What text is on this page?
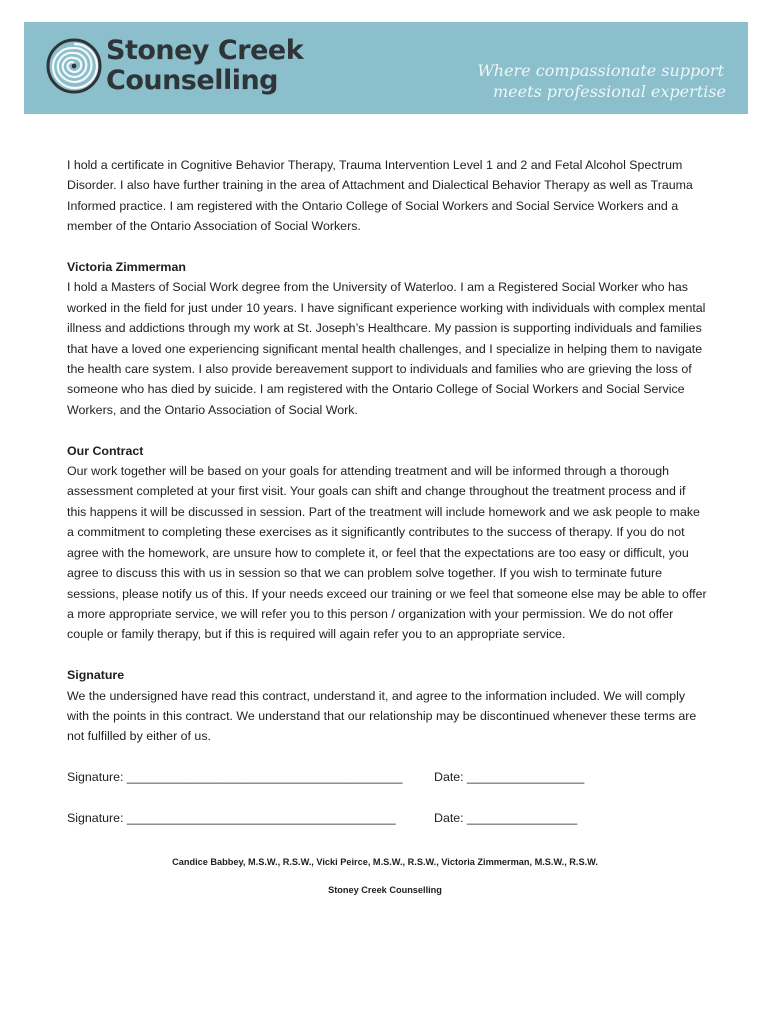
Stoney Creek
Counselling	Where compassionate support
meets professional expertise

I hold a certificate in Cognitive Behavior Therapy, Trauma Intervention Level 1 and 2 and Fetal Alcohol Spectrum Disorder. I also have further training in the area of Attachment and Dialectical Behavior Therapy as well as Trauma Informed practice. I am registered with the Ontario College of Social Workers and Social Service Workers and a member of the Ontario Association of Social Workers.

Victoria Zimmerman
I hold a Masters of Social Work degree from the University of Waterloo. I am a Registered Social Worker who has worked in the field for just under 10 years. I have significant experience working with individuals with complex mental illness and addictions through my work at St. Joseph’s Healthcare. My passion is supporting individuals and families that have a loved one experiencing significant mental health challenges, and I specialize in helping them to navigate the health care system. I also provide bereavement support to individuals and families who are grieving the loss of someone who has died by suicide. I am registered with the Ontario College of Social Workers and Social Service Workers, and the Ontario Association of Social Work.

Our Contract
Our work together will be based on your goals for attending treatment and will be informed through a thorough assessment completed at your first visit. Your goals can shift and change throughout the treatment process and if this happens it will be discussed in session. Part of the treatment will include homework and we ask people to make a commitment to completing these exercises as it significantly contributes to the success of therapy. If you do not agree with the homework, are unsure how to complete it, or feel that the expectations are too easy or difficult, you agree to discuss this with us in session so that we can problem solve together. If you wish to terminate future sessions, please notify us of this. If your needs exceed our training or we feel that someone else may be able to offer a more appropriate service, we will refer you to this person / organization with your permission. We do not offer couple or family therapy, but if this is required will again refer you to an appropriate service.

Signature
We the undersigned have read this contract, understand it, and agree to the information included. We will comply with the points in this contract. We understand that our relationship may be discontinued whenever these terms are not fulfilled by either of us.

Signature: ________________________________________	Date: _________________
Signature: _______________________________________	Date: ________________
Candice Babbey, M.S.W., R.S.W., Vicki Peirce, M.S.W., R.S.W., Victoria Zimmerman, M.S.W., R.S.W.
Stoney Creek Counselling
